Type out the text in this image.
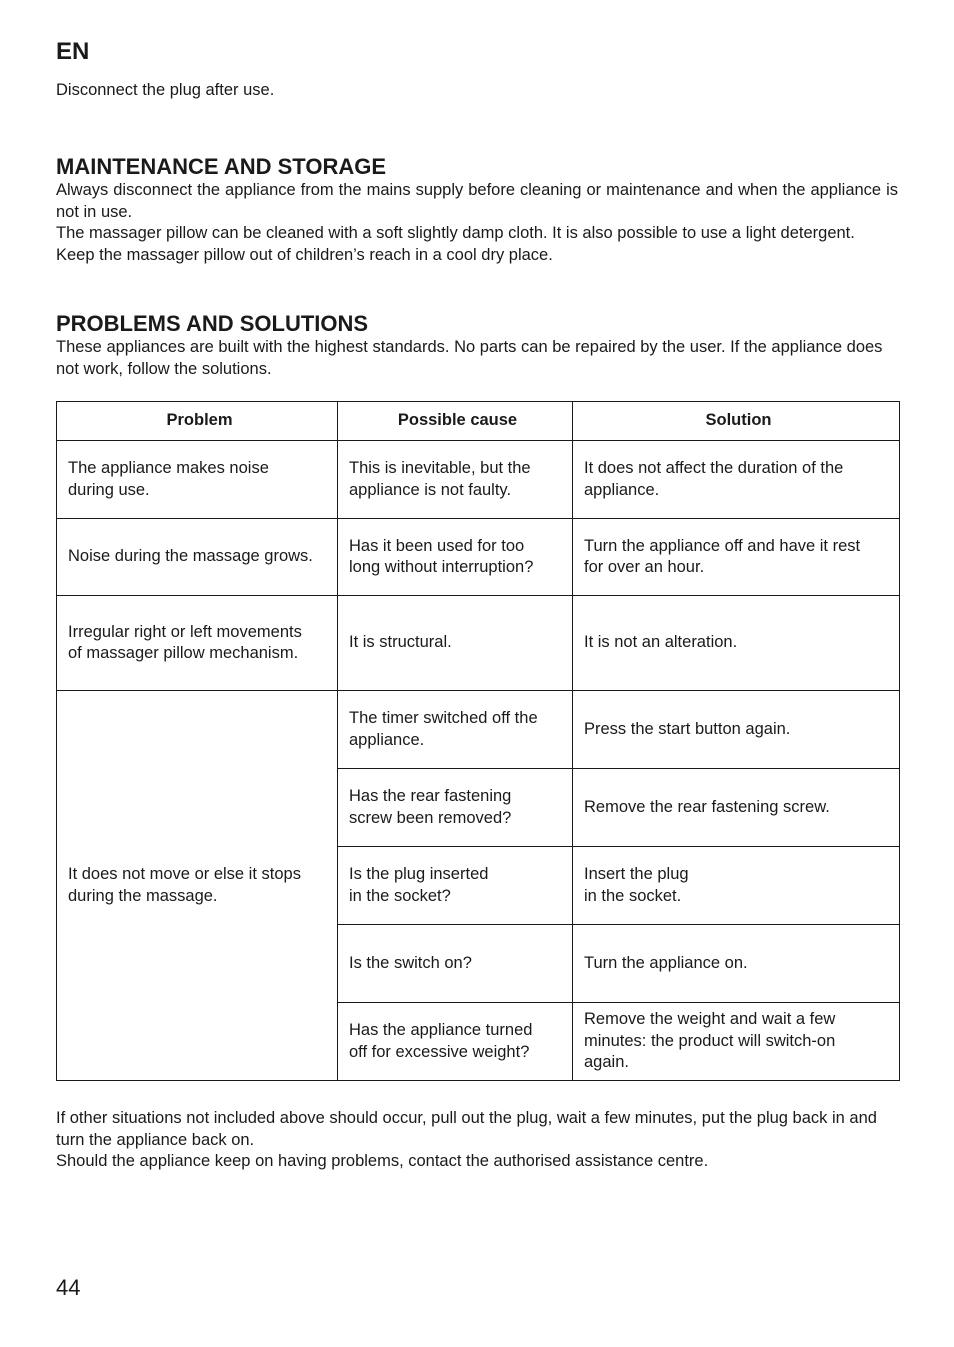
EN

Disconnect the plug after use.

MAINTENANCE AND STORAGE

Always disconnect the appliance from the mains supply before cleaning or maintenance and when the appliance is not in use.

The massager pillow can be cleaned with a soft slightly damp cloth. It is also possible to use a light detergent.

Keep the massager pillow out of children’s reach in a cool dry place.

PROBLEMS AND SOLUTIONS

These appliances are built with the highest standards. No parts can be repaired by the user. If the appliance does not work, follow the solutions.

Problem	Possible cause	Solution

The appliance makes noise
during use.	This is inevitable, but the
appliance is not faulty.	It does not affect the duration of the
appliance.

Noise during the massage grows.	Has it been used for too
long without interruption?	Turn the appliance off and have it rest
for over an hour.

Irregular right or left movements
of massager pillow mechanism.	It is structural.	It is not an alteration.

It does not move or else it stops
during the massage.	The timer switched off the
appliance.	Press the start button again.

	Has the rear fastening
screw been removed?	Remove the rear fastening screw.

	Is the plug inserted
in the socket?	Insert the plug
in the socket.

	Is the switch on?	Turn the appliance on.

	Has the appliance turned
off for excessive weight?	Remove the weight and wait a few
minutes: the product will switch-on
again.

If other situations not included above should occur, pull out the plug, wait a few minutes, put the plug back in and turn the appliance back on.

Should the appliance keep on having problems, contact the authorised assistance centre.

44
